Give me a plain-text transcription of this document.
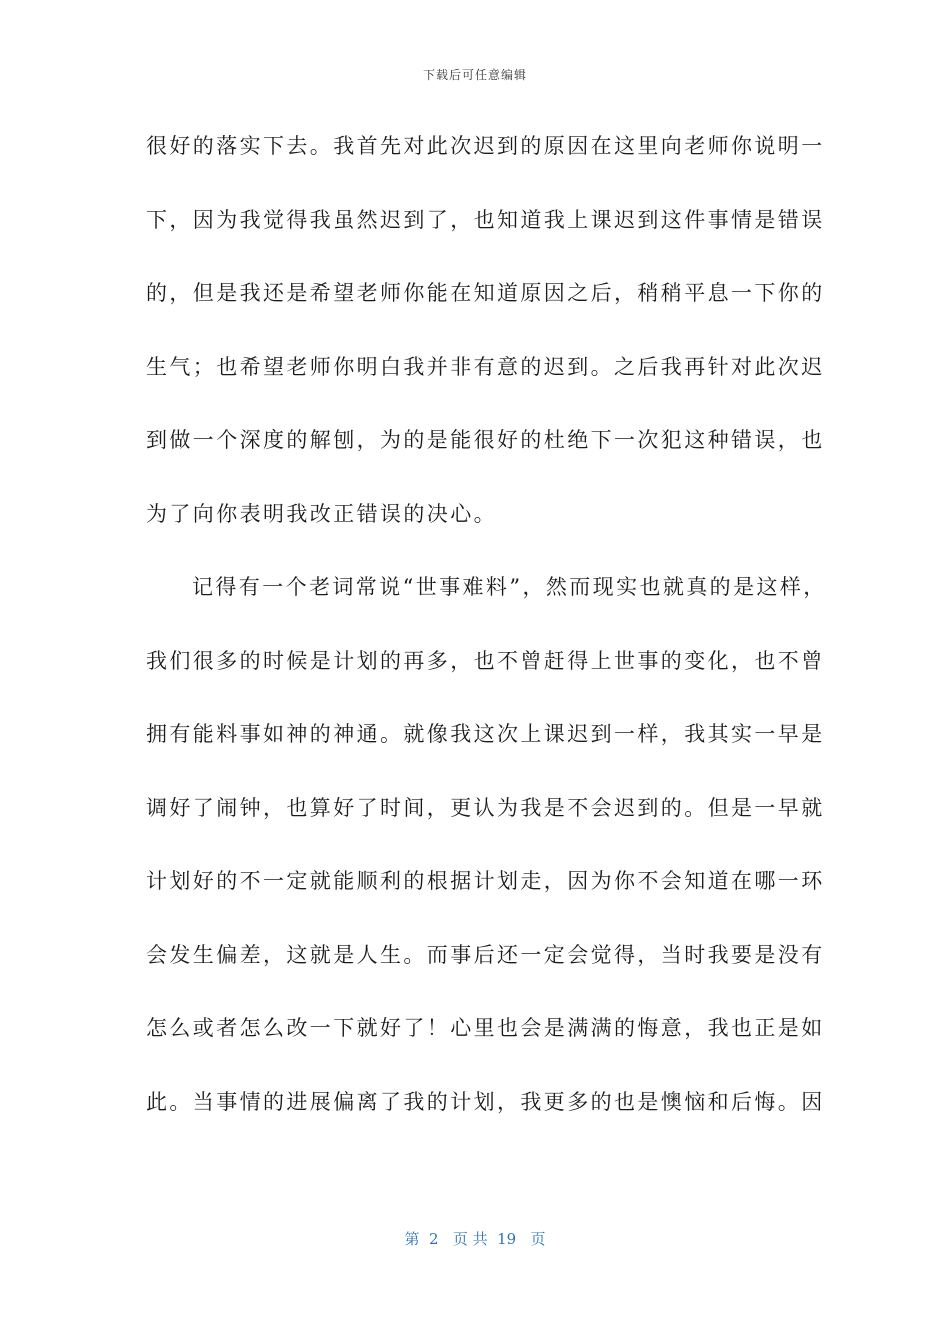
下载后可任意编辑
很好的落实下去。我首先对此次迟到的原因在这里向老师你说明一
下，因为我觉得我虽然迟到了，也知道我上课迟到这件事情是错误
的，但是我还是希望老师你能在知道原因之后，稍稍平息一下你的
生气；也希望老师你明白我并非有意的迟到。之后我再针对此次迟
到做一个深度的解刨，为的是能很好的杜绝下一次犯这种错误，也
为了向你表明我改正错误的决心。
记得有一个老词常说“世事难料”，然而现实也就真的是这样，
我们很多的时候是计划的再多，也不曾赶得上世事的变化，也不曾
拥有能料事如神的神通。就像我这次上课迟到一样，我其实一早是
调好了闹钟，也算好了时间，更认为我是不会迟到的。但是一早就
计划好的不一定就能顺利的根据计划走，因为你不会知道在哪一环
会发生偏差，这就是人生。而事后还一定会觉得，当时我要是没有
怎么或者怎么改一下就好了！心里也会是满满的悔意，我也正是如
此。当事情的进展偏离了我的计划，我更多的也是懊恼和后悔。因
第  2   页 共  19   页
